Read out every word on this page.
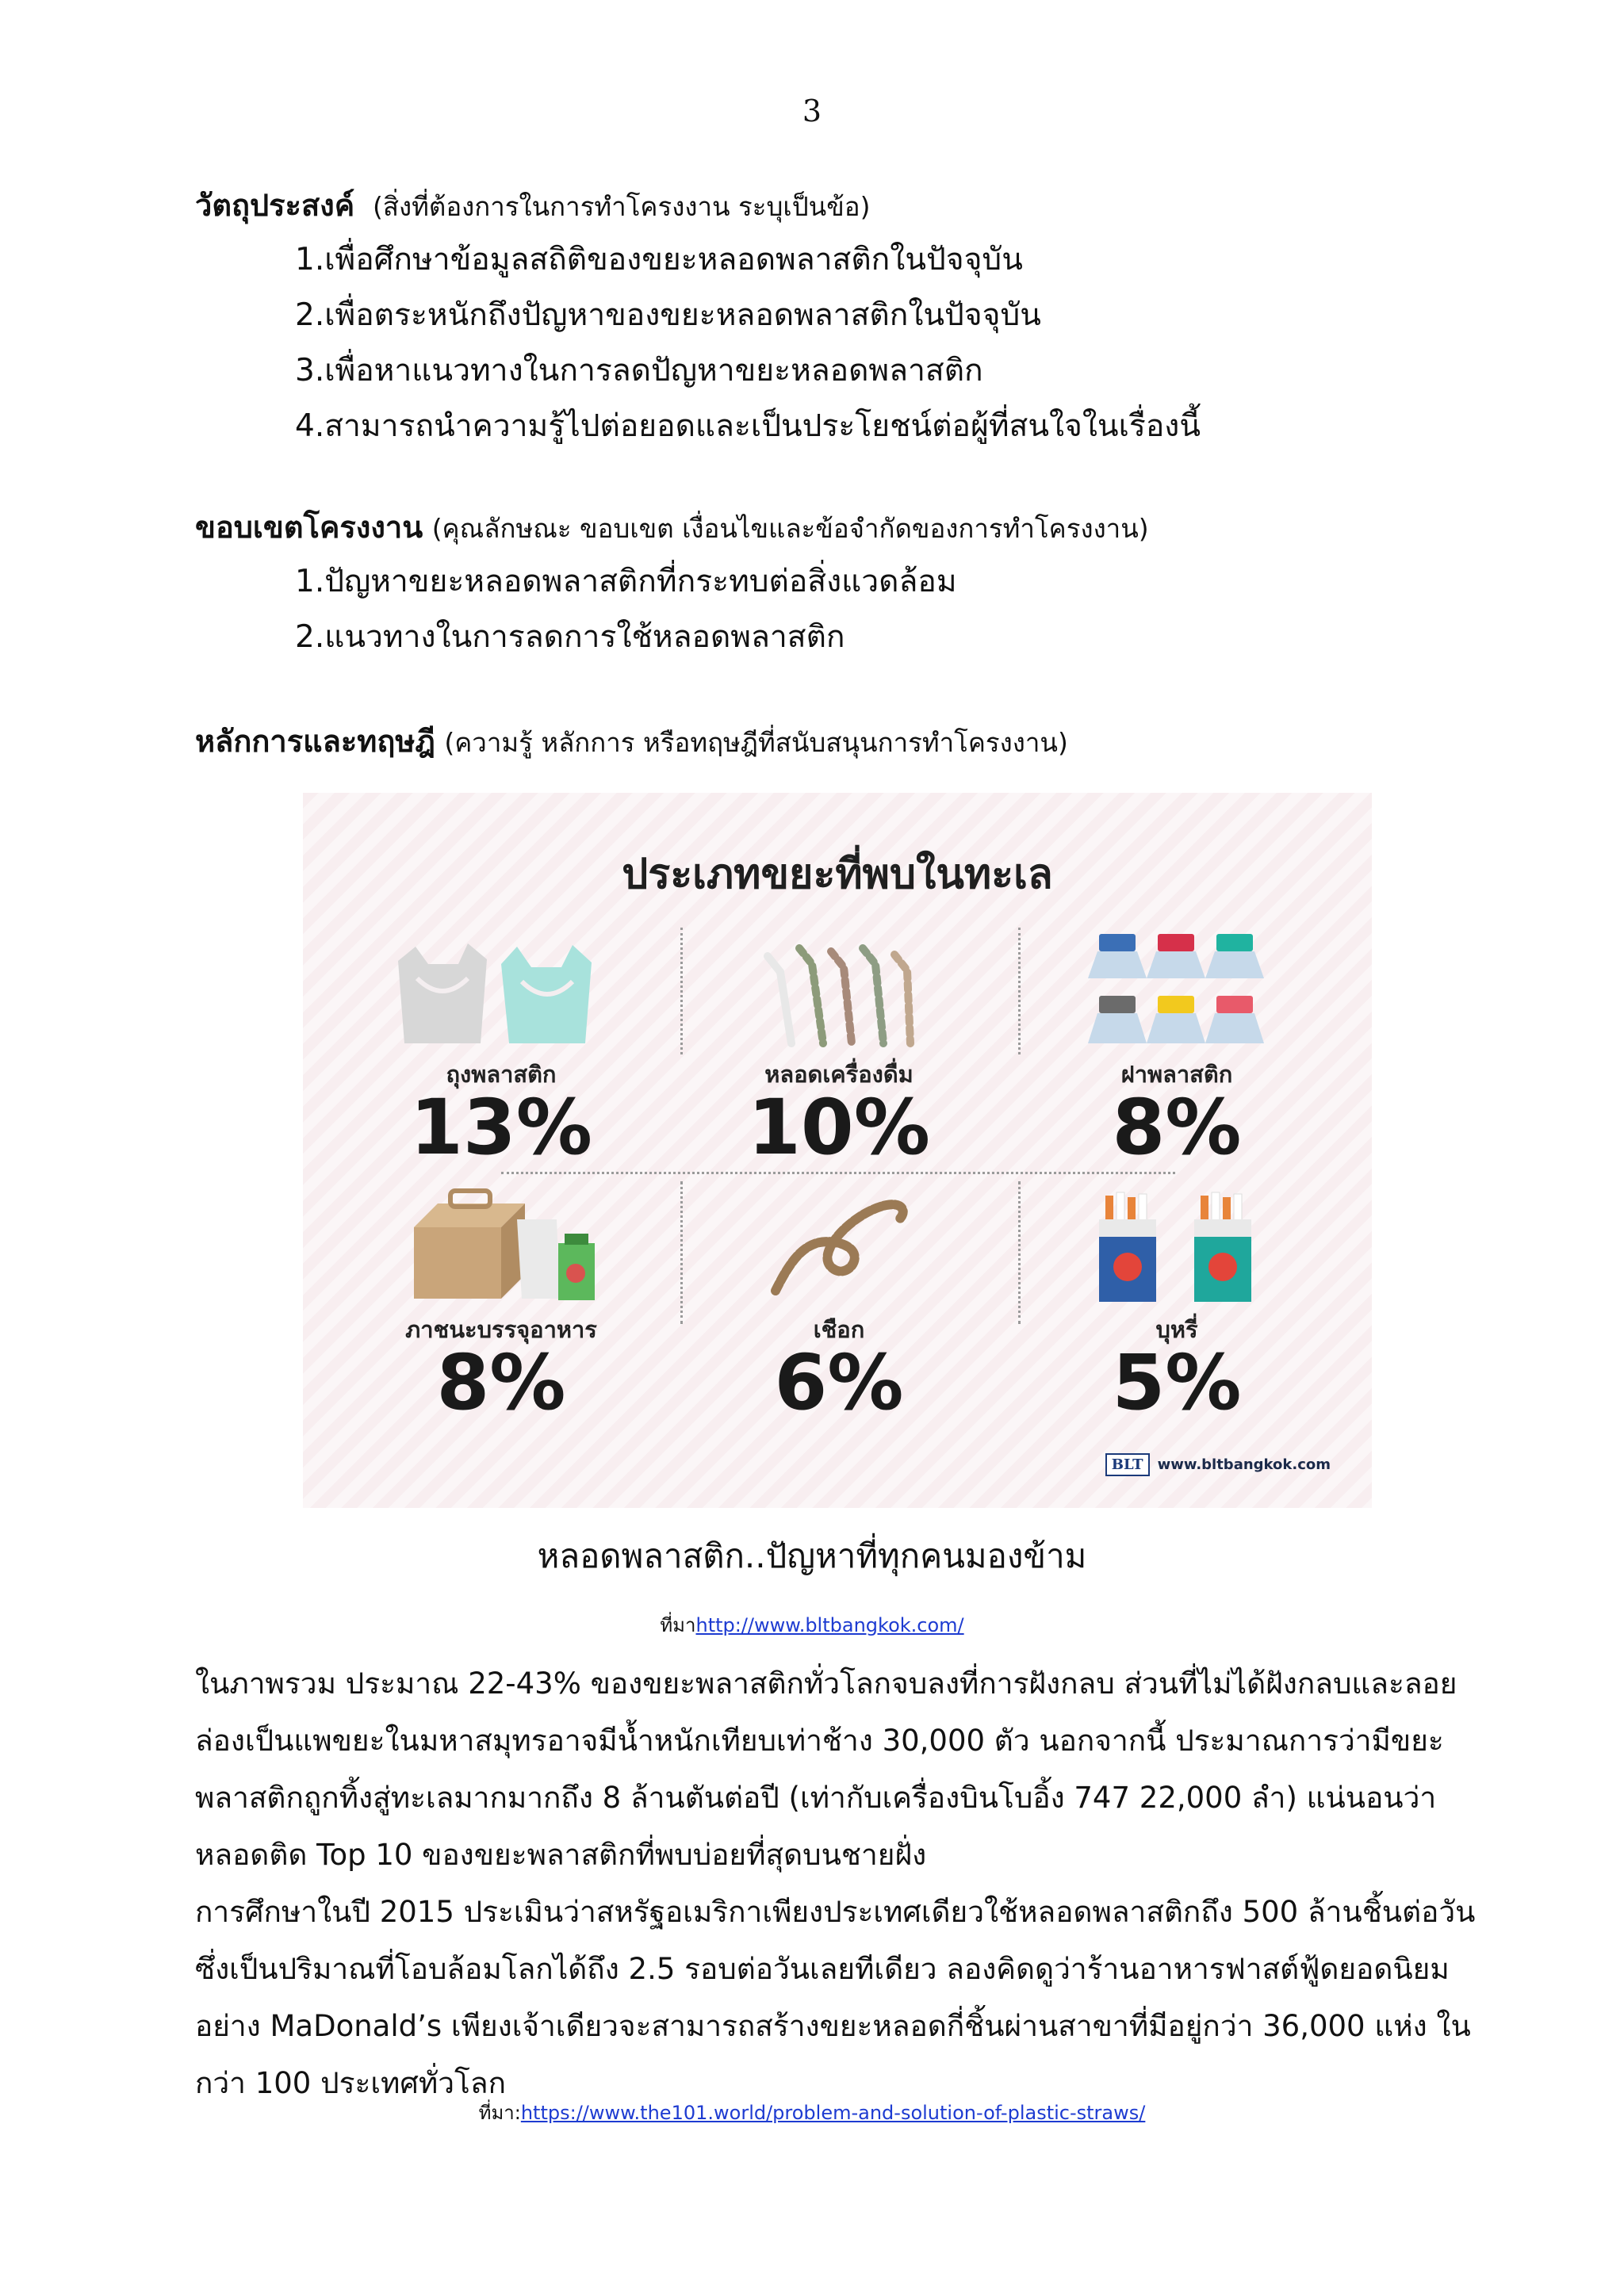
3
วัตถุประสงค์ (สิ่งที่ต้องการในการทำโครงงาน ระบุเป็นข้อ)
1.เพื่อศึกษาข้อมูลสถิติของขยะหลอดพลาสติกในปัจจุบัน
2.เพื่อตระหนักถึงปัญหาของขยะหลอดพลาสติกในปัจจุบัน
3.เพื่อหาแนวทางในการลดปัญหาขยะหลอดพลาสติก
4.สามารถนำความรู้ไปต่อยอดและเป็นประโยชน์ต่อผู้ที่สนใจในเรื่องนี้
ขอบเขตโครงงาน (คุณลักษณะ ขอบเขต เงื่อนไขและข้อจำกัดของการทำโครงงาน)
1.ปัญหาขยะหลอดพลาสติกที่กระทบต่อสิ่งแวดล้อม
2.แนวทางในการลดการใช้หลอดพลาสติก
หลักการและทฤษฎี (ความรู้ หลักการ หรือทฤษฎีที่สนับสนุนการทำโครงงาน)
ประเภทขยะที่พบในทะเล
ถุงพลาสติก
13%
หลอดเครื่องดื่ม
10%
ฝาพลาสติก
8%
ภาชนะบรรจุอาหาร
8%
เชือก
6%
บุหรี่
5%
BLT	www.bltbangkok.com
หลอดพลาสติก..ปัญหาที่ทุกคนมองข้าม
ที่มาhttp://www.bltbangkok.com/
ในภาพรวม ประมาณ 22-43% ของขยะพลาสติกทั่วโลกจบลงที่การฝังกลบ ส่วนที่ไม่ได้ฝังกลบและลอย
ล่องเป็นแพขยะในมหาสมุทรอาจมีน้ำหนักเทียบเท่าช้าง 30,000 ตัว นอกจากนี้ ประมาณการว่ามีขยะ
พลาสติกถูกทิ้งสู่ทะเลมากมากถึง 8 ล้านตันต่อปี (เท่ากับเครื่องบินโบอิ้ง 747 22,000 ลำ) แน่นอนว่า
หลอดติด Top 10 ของขยะพลาสติกที่พบบ่อยที่สุดบนชายฝั่ง
การศึกษาในปี 2015 ประเมินว่าสหรัฐอเมริกาเพียงประเทศเดียวใช้หลอดพลาสติกถึง 500 ล้านชิ้นต่อวัน
ซึ่งเป็นปริมาณที่โอบล้อมโลกได้ถึง 2.5 รอบต่อวันเลยทีเดียว ลองคิดดูว่าร้านอาหารฟาสต์ฟู้ดยอดนิยม
อย่าง MaDonald’s เพียงเจ้าเดียวจะสามารถสร้างขยะหลอดกี่ชิ้นผ่านสาขาที่มีอยู่กว่า 36,000 แห่ง ใน
กว่า 100 ประเทศทั่วโลก
ที่มา:https://www.the101.world/problem-and-solution-of-plastic-straws/
